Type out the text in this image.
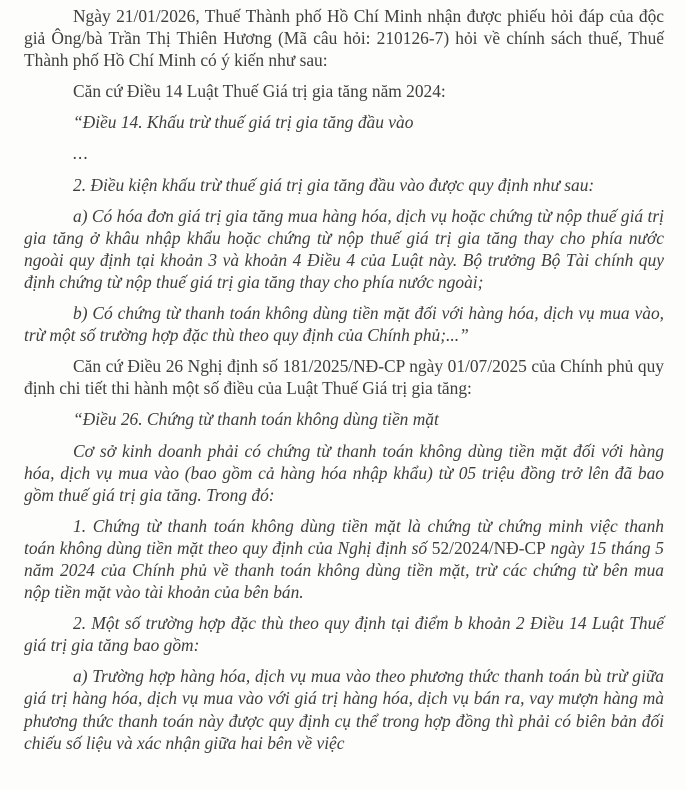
Ngày 21/01/2026, Thuế Thành phố Hồ Chí Minh nhận được phiếu hỏi đáp của độc giả Ông/bà Trần Thị Thiên Hương (Mã câu hỏi: 210126-7) hỏi về chính sách thuế, Thuế Thành phố Hồ Chí Minh có ý kiến như sau:

Căn cứ Điều 14 Luật Thuế Giá trị gia tăng năm 2024:

“Điều 14. Khấu trừ thuế giá trị gia tăng đầu vào

...

2. Điều kiện khấu trừ thuế giá trị gia tăng đầu vào được quy định như sau:

a) Có hóa đơn giá trị gia tăng mua hàng hóa, dịch vụ hoặc chứng từ nộp thuế giá trị gia tăng ở khâu nhập khẩu hoặc chứng từ nộp thuế giá trị gia tăng thay cho phía nước ngoài quy định tại khoản 3 và khoản 4 Điều 4 của Luật này. Bộ trưởng Bộ Tài chính quy định chứng từ nộp thuế giá trị gia tăng thay cho phía nước ngoài;

b) Có chứng từ thanh toán không dùng tiền mặt đối với hàng hóa, dịch vụ mua vào, trừ một số trường hợp đặc thù theo quy định của Chính phủ;...”

Căn cứ Điều 26 Nghị định số 181/2025/NĐ-CP ngày 01/07/2025 của Chính phủ quy định chi tiết thi hành một số điều của Luật Thuế Giá trị gia tăng:

“Điều 26. Chứng từ thanh toán không dùng tiền mặt

Cơ sở kinh doanh phải có chứng từ thanh toán không dùng tiền mặt đối với hàng hóa, dịch vụ mua vào (bao gồm cả hàng hóa nhập khẩu) từ 05 triệu đồng trở lên đã bao gồm thuế giá trị gia tăng. Trong đó:

1. Chứng từ thanh toán không dùng tiền mặt là chứng từ chứng minh việc thanh toán không dùng tiền mặt theo quy định của Nghị định số 52/2024/NĐ-CP ngày 15 tháng 5 năm 2024 của Chính phủ về thanh toán không dùng tiền mặt, trừ các chứng từ bên mua nộp tiền mặt vào tài khoản của bên bán.

2. Một số trường hợp đặc thù theo quy định tại điểm b khoản 2 Điều 14 Luật Thuế giá trị gia tăng bao gồm:

a) Trường hợp hàng hóa, dịch vụ mua vào theo phương thức thanh toán bù trừ giữa giá trị hàng hóa, dịch vụ mua vào với giá trị hàng hóa, dịch vụ bán ra, vay mượn hàng mà phương thức thanh toán này được quy định cụ thể trong hợp đồng thì phải có biên bản đối chiếu số liệu và xác nhận giữa hai bên về việc
